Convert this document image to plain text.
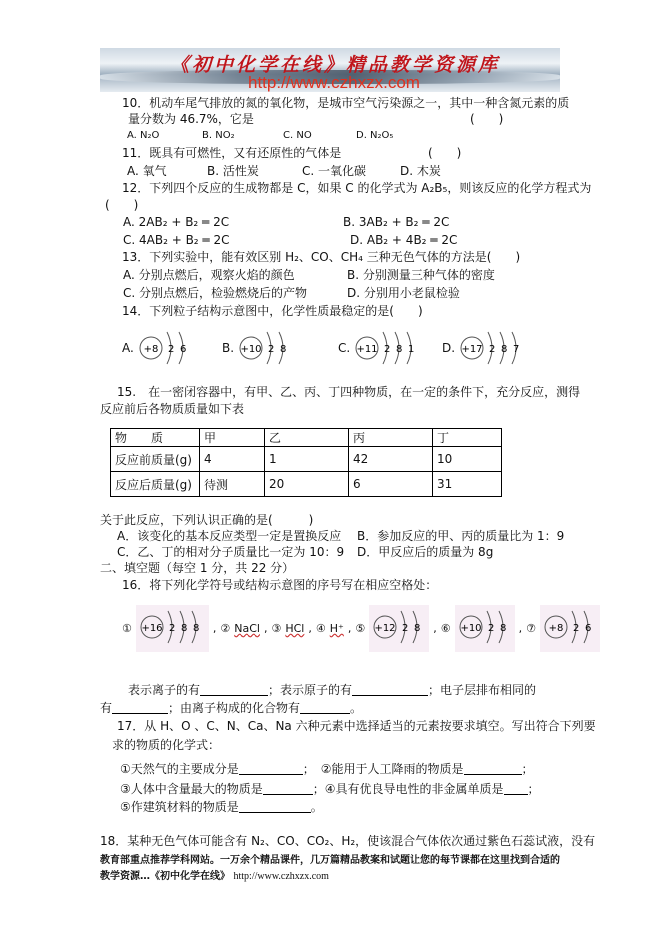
《初中化学在线》精品教学资源库
http://www.czhxzx.com
10．机动车尾气排放的氮的氧化物，是城市空气污染源之一，其中一种含氮元素的质
量分数为 46.7%，它是	(　　)
A. N₂O	B. NO₂	C. NO	D. N₂O₅
11．既具有可燃性，又有还原性的气体是	(　　)
A. 氧气	B. 活性炭	C. 一氧化碳	D. 木炭
12．下列四个反应的生成物都是 C，如果 C 的化学式为 A₂B₅，则该反应的化学方程式为
(　　)
A. 2AB₂ + B₂ ═ 2C	B. 3AB₂ + B₂ ═ 2C
C. 4AB₂ + B₂ ═ 2C	D. AB₂ + 4B₂ ═ 2C
13．下列实验中，能有效区别 H₂、CO、CH₄ 三种无色气体的方法是(　　)
A. 分别点燃后，观察火焰的颜色	B. 分别测量三种气体的密度
C. 分别点燃后，检验燃烧后的产物	D. 分别用小老鼠检验
14．下列粒子结构示意图中，化学性质最稳定的是(　　)
A. +8 2 6	B. +10 2 8	C. +11 2 8 1 D. +17 2 8 7
15.　在一密闭容器中，有甲、乙、丙、丁四种物质，在一定的条件下，充分反应，测得
反应前后各物质质量如下表
物　　质	甲	乙	丙	丁
反应前质量(g)	4	1	42	10
反应后质量(g)	待测	20	6	31
关于此反应，下列认识正确的是(　　　)
A．该变化的基本反应类型一定是置换反应 B．参加反应的甲、丙的质量比为 1：9
C．乙、丁的相对分子质量比一定为 10：9 D．甲反应后的质量为 8g
二、填空题（每空 1 分，共 22 分）
16．将下列化学符号或结构示意图的序号写在相应空格处：
① +16 2 8 8 , ② NaCl , ③ HCl , ④ H⁺ , ⑤ +12 2 8 , ⑥ +10 2 8 , ⑦ +8 2 6
表示离子的有	；表示原子的有	；电子层排布相同的
有	；由离子构成的化合物有	。
17．从 H、O 、C、N、Ca、Na 六种元素中选择适当的元素按要求填空。写出符合下列要
求的物质的化学式：
①天然气的主要成分是	；　②能用于人工降雨的物质是	；
③人体中含量最大的物质是	；④具有优良导电性的非金属单质是 ；
⑤作建筑材料的物质是	。
18．某种无色气体可能含有 N₂、CO、CO₂、H₂，使该混合气体依次通过紫色石蕊试液，没有
教育部重点推荐学科网站。一万余个精品课件，几万篇精品教案和试题让您的每节课都在这里找到合适的
教学资源…《初中化学在线》 http://www.czhxzx.com
